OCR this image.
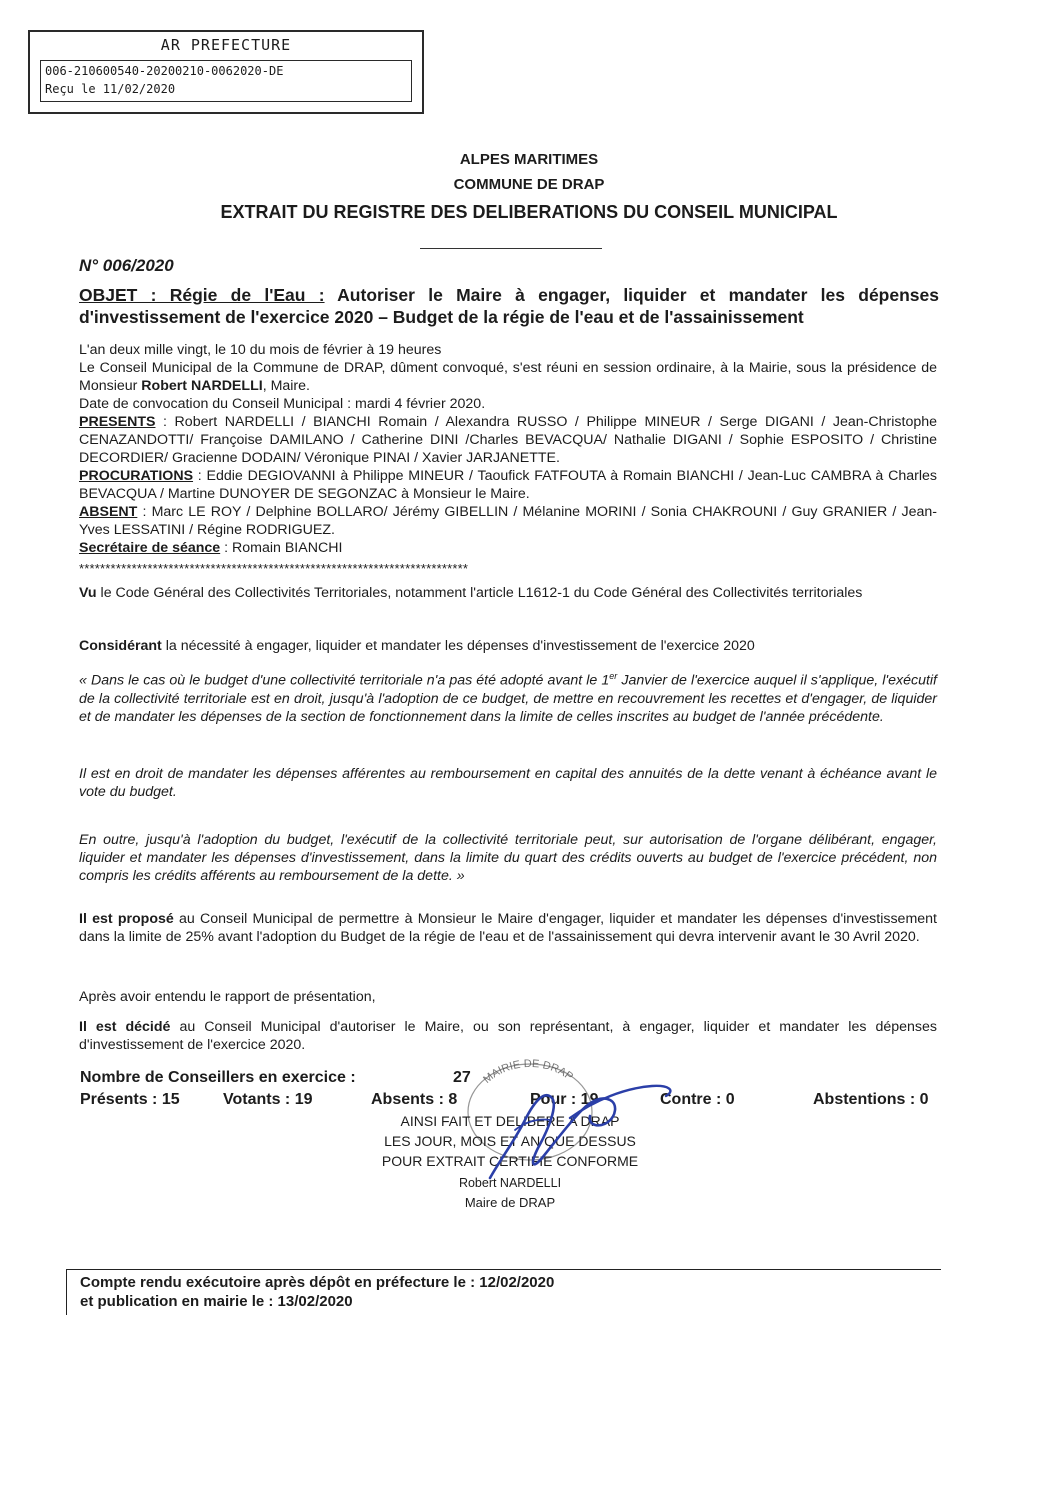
AR PREFECTURE
006-210600540-20200210-0062020-DE
Reçu le 11/02/2020
ALPES MARITIMES
COMMUNE DE DRAP
EXTRAIT DU REGISTRE DES DELIBERATIONS DU CONSEIL MUNICIPAL
N° 006/2020
OBJET : Régie de l'Eau : Autoriser le Maire à engager, liquider et mandater les dépenses d'investissement de l'exercice 2020 – Budget de la régie de l'eau et de l'assainissement

L'an deux mille vingt, le 10 du mois de février à 19 heures

Le Conseil Municipal de la Commune de DRAP, dûment convoqué, s'est réuni en session ordinaire, à la Mairie, sous la présidence de Monsieur Robert NARDELLI, Maire.

Date de convocation du Conseil Municipal : mardi 4 février 2020.

PRESENTS : Robert NARDELLI / BIANCHI Romain / Alexandra RUSSO / Philippe MINEUR / Serge DIGANI / Jean-Christophe CENAZANDOTTI/ Françoise DAMILANO / Catherine DINI /Charles BEVACQUA/ Nathalie DIGANI / Sophie ESPOSITO / Christine DECORDIER/ Gracienne DODAIN/ Véronique PINAI / Xavier JARJANETTE.

PROCURATIONS : Eddie DEGIOVANNI à Philippe MINEUR / Taoufick FATFOUTA à Romain BIANCHI / Jean-Luc CAMBRA à Charles BEVACQUA / Martine DUNOYER DE SEGONZAC à Monsieur le Maire.

ABSENT : Marc LE ROY / Delphine BOLLARO/ Jérémy GIBELLIN / Mélanine MORINI / Sonia CHAKROUNI / Guy GRANIER / Jean-Yves LESSATINI / Régine RODRIGUEZ.

Secrétaire de séance : Romain BIANCHI

**************************************************************************

Vu le Code Général des Collectivités Territoriales, notamment l'article L1612-1 du Code Général des Collectivités territoriales

Considérant la nécessité à engager, liquider et mandater les dépenses d'investissement de l'exercice 2020

« Dans le cas où le budget d'une collectivité territoriale n'a pas été adopté avant le 1er Janvier de l'exercice auquel il s'applique, l'exécutif de la collectivité territoriale est en droit, jusqu'à l'adoption de ce budget, de mettre en recouvrement les recettes et d'engager, de liquider et de mandater les dépenses de la section de fonctionnement dans la limite de celles inscrites au budget de l'année précédente.

Il est en droit de mandater les dépenses afférentes au remboursement en capital des annuités de la dette venant à échéance avant le vote du budget.
En outre, jusqu'à l'adoption du budget, l'exécutif de la collectivité territoriale peut, sur autorisation de l'organe délibérant, engager, liquider et mandater les dépenses d'investissement, dans la limite du quart des crédits ouverts au budget de l'exercice précédent, non compris les crédits afférents au remboursement de la dette. »

Il est proposé au Conseil Municipal de permettre à Monsieur le Maire d'engager, liquider et mandater les dépenses d'investissement dans la limite de 25% avant l'adoption du Budget de la régie de l'eau et de l'assainissement qui devra intervenir avant le 30 Avril 2020.

Après avoir entendu le rapport de présentation,

Il est décidé au Conseil Municipal d'autoriser le Maire, ou son représentant, à engager, liquider et mandater les dépenses d'investissement de l'exercice 2020.

Nombre de Conseillers en exercice :	27
Présents : 15	Votants : 19	Absents : 8	Pour : 19	Contre : 0	Abstentions : 0
MAIRIE DE DRAP
AINSI FAIT ET DELIBERE A DRAP
LES JOUR, MOIS ET AN QUE DESSUS
POUR EXTRAIT CERTIFIE CONFORME
Robert NARDELLI
Maire de DRAP
Compte rendu exécutoire après dépôt en préfecture le : 12/02/2020
et publication en mairie le : 13/02/2020
